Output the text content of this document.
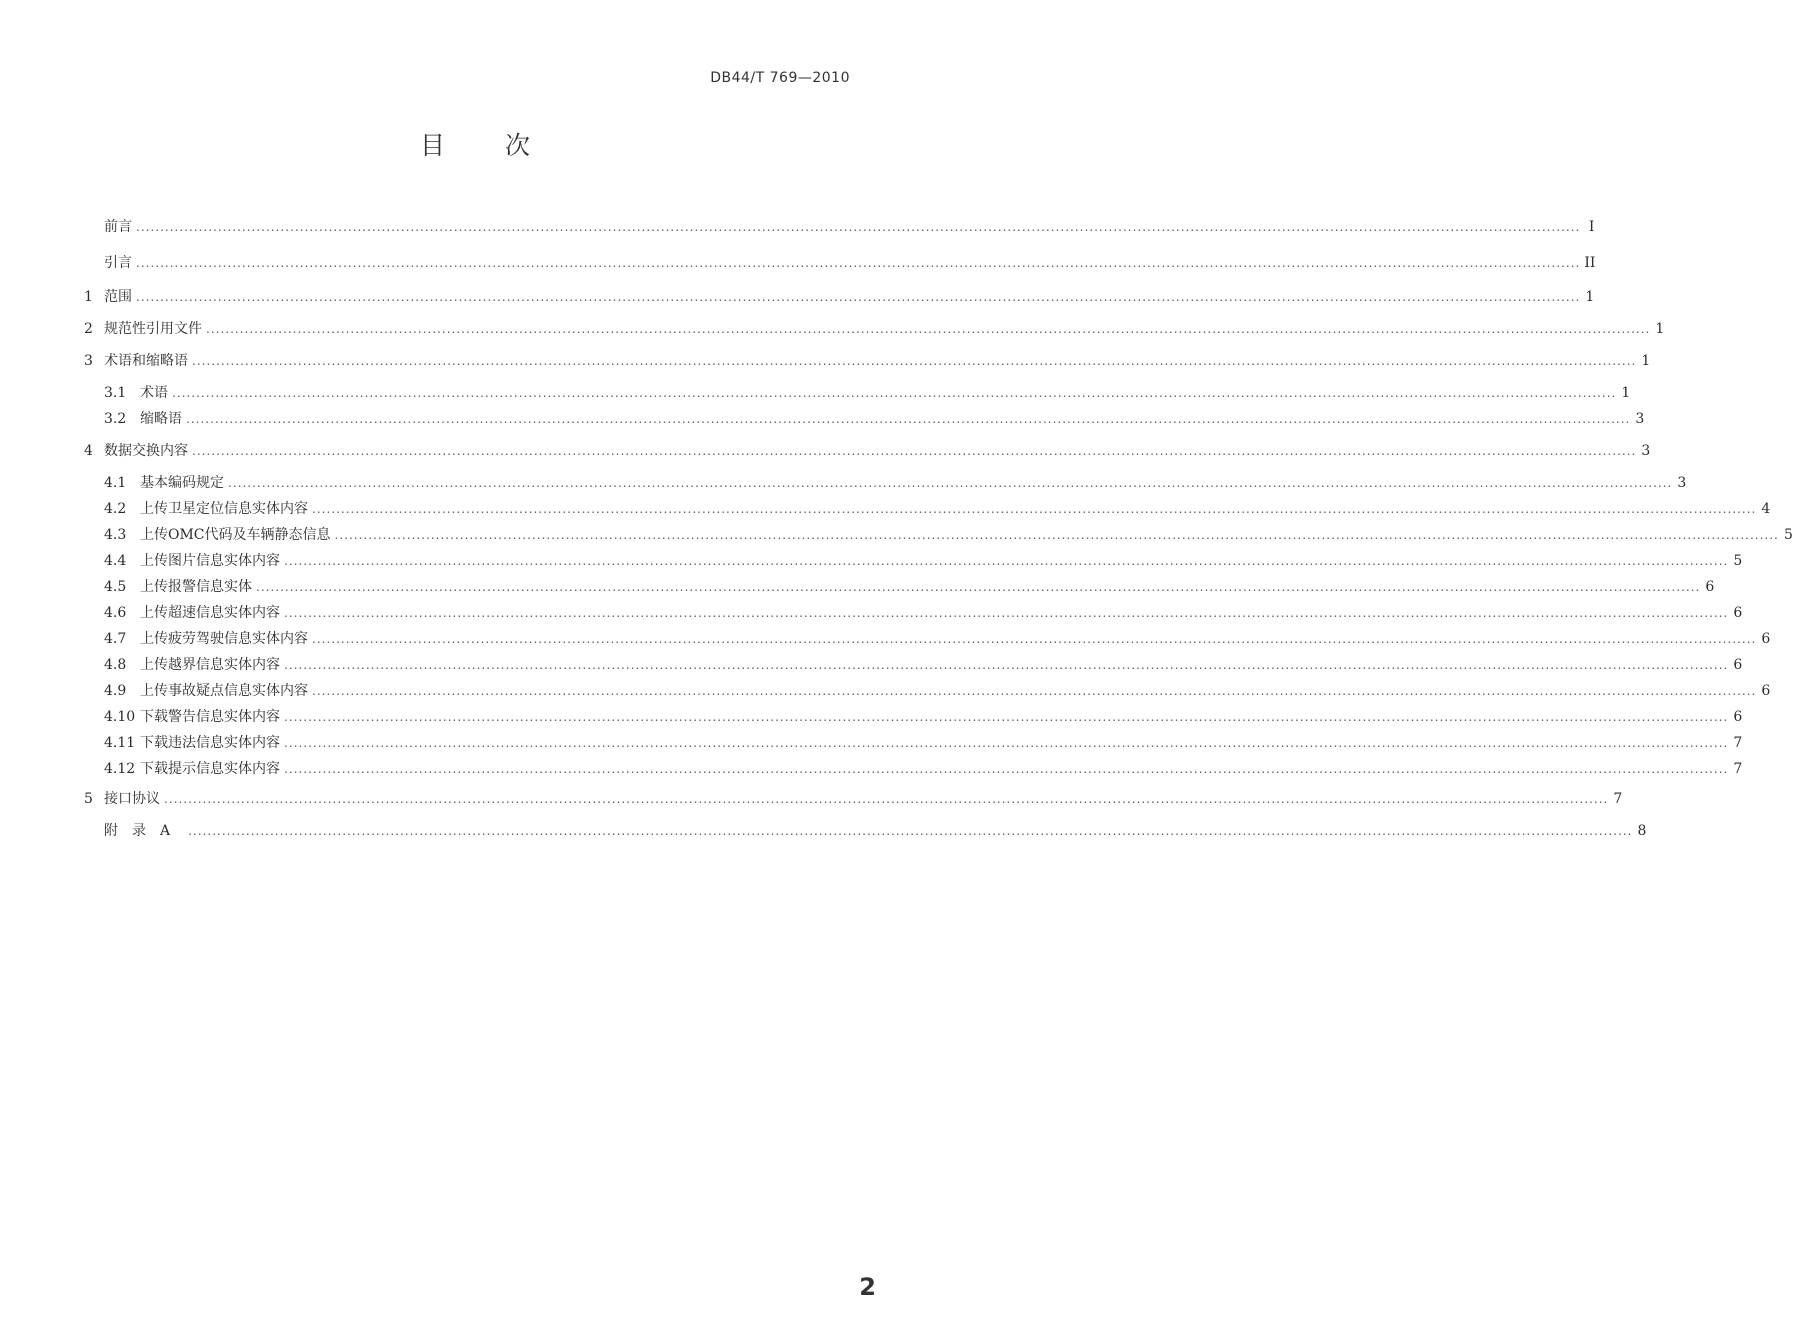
DB44/T 769—2010
目 次
前言 ............................................................................................................................................................................................................................................................................................................ I
引言 ............................................................................................................................................................................................................................................................................................................ II
1 范围 ............................................................................................................................................................................................................................................................................................................ 1
2 规范性引用文件 ............................................................................................................................................................................................................................................................................................................ 1
3 术语和缩略语 ............................................................................................................................................................................................................................................................................................................ 1
3.1 术语 ............................................................................................................................................................................................................................................................................................................ 1
3.2 缩略语 ............................................................................................................................................................................................................................................................................................................ 3
4 数据交换内容 ............................................................................................................................................................................................................................................................................................................ 3
4.1 基本编码规定 ............................................................................................................................................................................................................................................................................................................ 3
4.2 上传卫星定位信息实体内容 ............................................................................................................................................................................................................................................................................................................ 4
4.3 上传OMC代码及车辆静态信息 ............................................................................................................................................................................................................................................................................................................ 5
4.4 上传图片信息实体内容 ............................................................................................................................................................................................................................................................................................................ 5
4.5 上传报警信息实体 ............................................................................................................................................................................................................................................................................................................ 6
4.6 上传超速信息实体内容 ............................................................................................................................................................................................................................................................................................................ 6
4.7 上传疲劳驾驶信息实体内容 ............................................................................................................................................................................................................................................................................................................ 6
4.8 上传越界信息实体内容 ............................................................................................................................................................................................................................................................................................................ 6
4.9 上传事故疑点信息实体内容 ............................................................................................................................................................................................................................................................................................................ 6
4.10 下载警告信息实体内容 ............................................................................................................................................................................................................................................................................................................ 6
4.11 下载违法信息实体内容 ............................................................................................................................................................................................................................................................................................................ 7
4.12 下载提示信息实体内容 ............................................................................................................................................................................................................................................................................................................ 7
5 接口协议 ............................................................................................................................................................................................................................................................................................................ 7
附录A ............................................................................................................................................................................................................................................................................................................ 8
2
